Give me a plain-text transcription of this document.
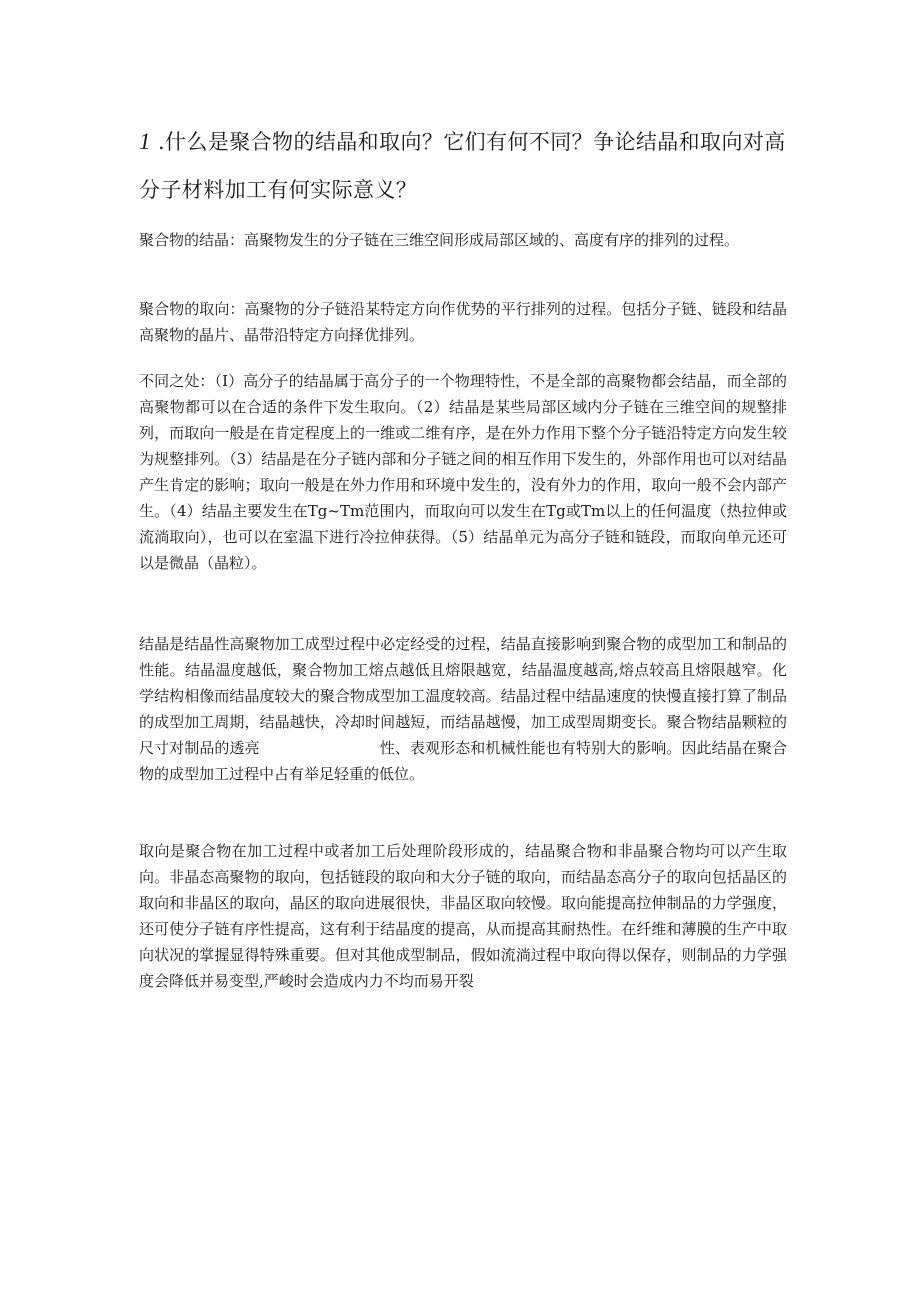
1 .什么是聚合物的结晶和取向？它们有何不同？争论结晶和取向对高分子材料加工有何实际意义？

聚合物的结晶：高聚物发生的分子链在三维空间形成局部区域的、高度有序的排列的过程。

聚合物的取向：高聚物的分子链沿某特定方向作优势的平行排列的过程。包括分子链、链段和结晶高聚物的晶片、晶带沿特定方向择优排列。

不同之处：（I）高分子的结晶属于高分子的一个物理特性，不是全部的高聚物都会结晶，而全部的高聚物都可以在合适的条件下发生取向。（2）结晶是某些局部区域内分子链在三维空间的规整排列，而取向一般是在肯定程度上的一维或二维有序，是在外力作用下整个分子链沿特定方向发生较为规整排列。（3）结晶是在分子链内部和分子链之间的相互作用下发生的，外部作用也可以对结晶产生肯定的影响；取向一般是在外力作用和环境中发生的，没有外力的作用，取向一般不会内部产生。（4）结晶主要发生在Tg~Tm范围内，而取向可以发生在Tg或Tm以上的任何温度（热拉伸或流淌取向），也可以在室温下进行冷拉伸获得。（5）结晶单元为高分子链和链段，而取向单元还可以是微晶（晶粒）。

结晶是结晶性高聚物加工成型过程中必定经受的过程，结晶直接影响到聚合物的成型加工和制品的性能。结晶温度越低，聚合物加工熔点越低且熔限越宽，结晶温度越高,熔点较高且熔限越窄。化学结构相像而结晶度较大的聚合物成型加工温度较高。结晶过程中结晶速度的快慢直接打算了制品的成型加工周期，结晶越快，冷却时间越短，而结晶越慢，加工成型周期变长。聚合物结晶颗粒的尺寸对制品的透亮	性、表观形态和机械性能也有特别大的影响。因此结晶在聚合物的成型加工过程中占有举足轻重的低位。

取向是聚合物在加工过程中或者加工后处理阶段形成的，结晶聚合物和非晶聚合物均可以产生取向。非晶态高聚物的取向，包括链段的取向和大分子链的取向，而结晶态高分子的取向包括晶区的取向和非晶区的取向，晶区的取向进展很快，非晶区取向较慢。取向能提高拉伸制品的力学强度，还可使分子链有序性提高，这有利于结晶度的提高，从而提高其耐热性。在纤维和薄膜的生产中取向状况的掌握显得特殊重要。但对其他成型制品，假如流淌过程中取向得以保存，则制品的力学强度会降低并易变型,严峻时会造成内力不均而易开裂
